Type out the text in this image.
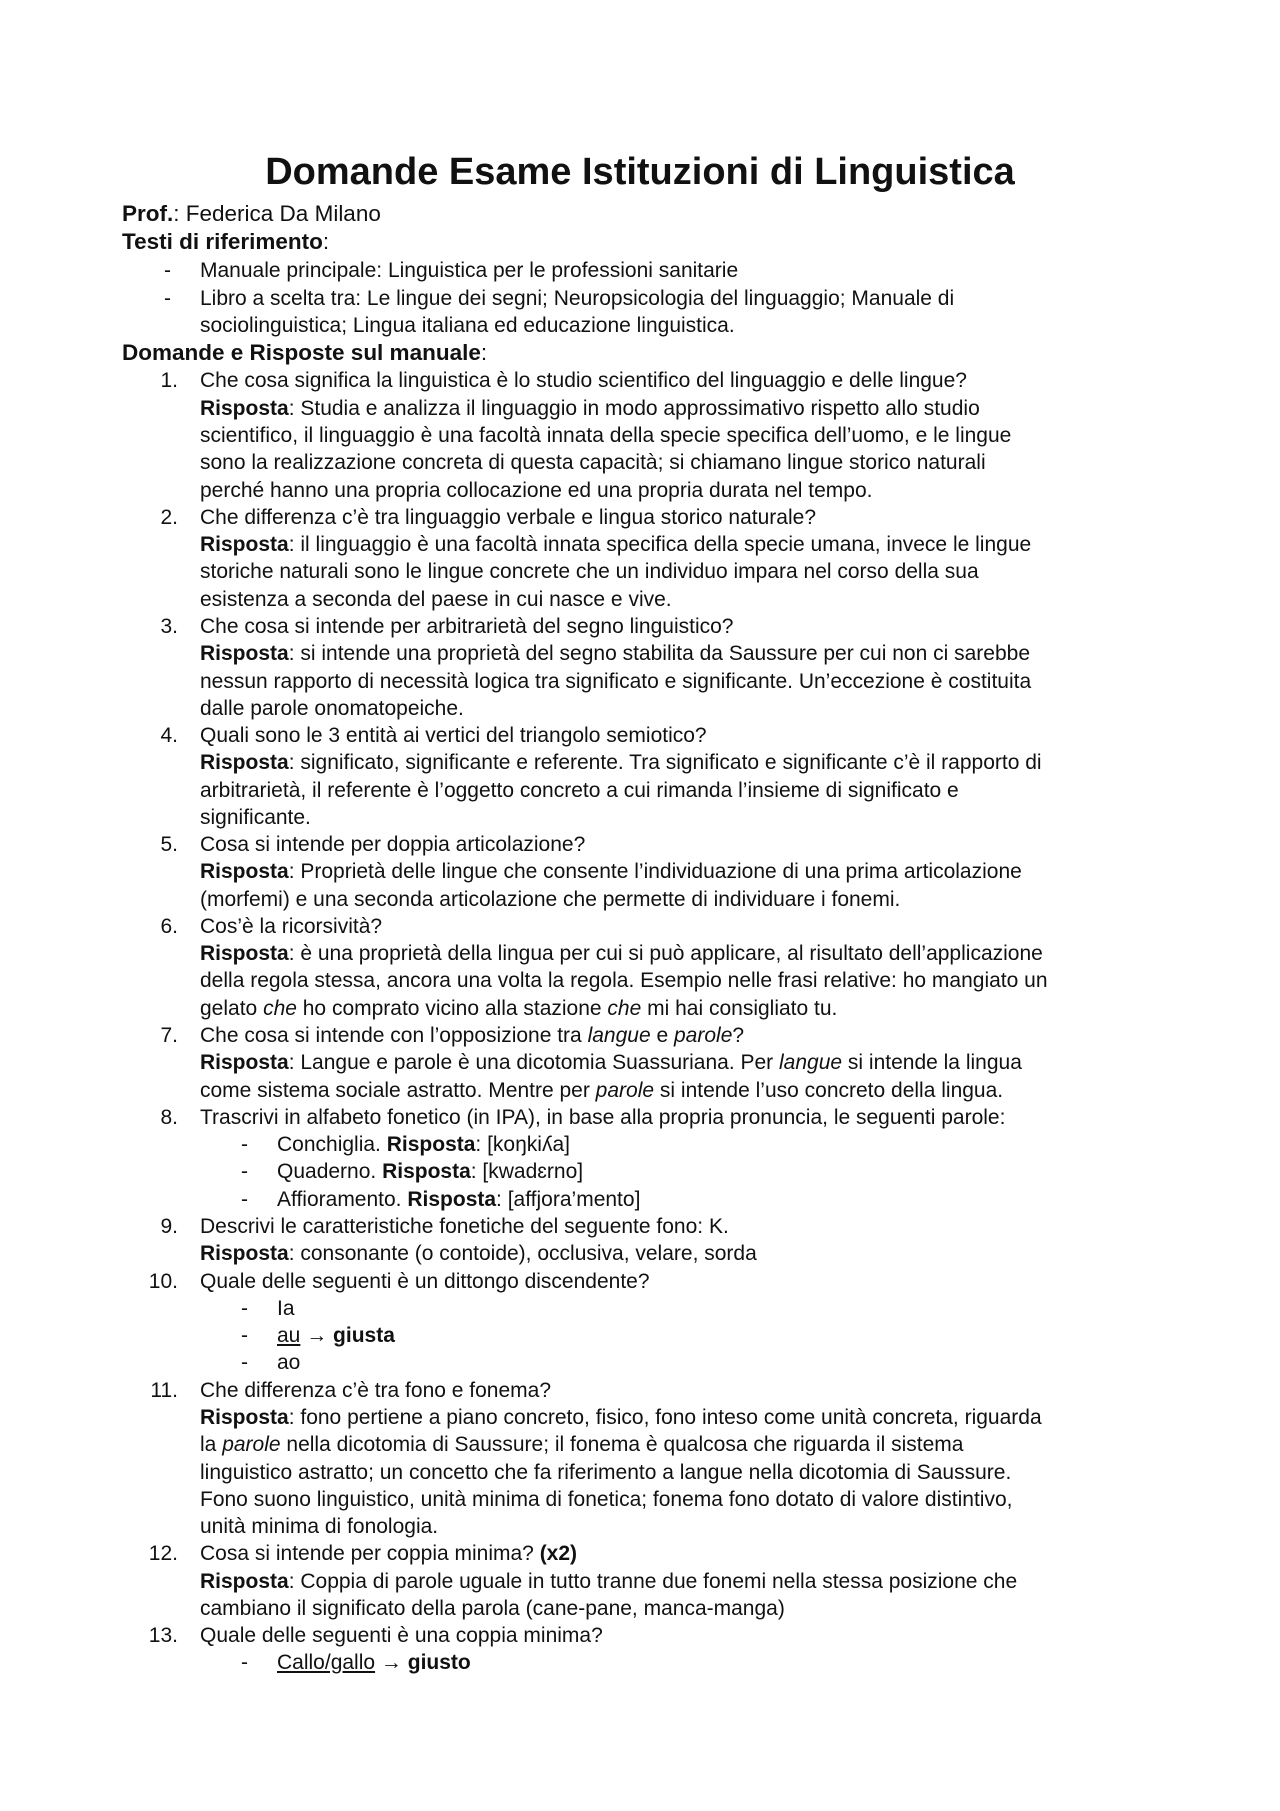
Domande Esame Istituzioni di Linguistica
Prof.: Federica Da Milano
Testi di riferimento:
- Manuale principale: Linguistica per le professioni sanitarie
- Libro a scelta tra: Le lingue dei segni; Neuropsicologia del linguaggio; Manuale di
sociolinguistica; Lingua italiana ed educazione linguistica.
Domande e Risposte sul manuale:
1. Che cosa significa la linguistica è lo studio scientifico del linguaggio e delle lingue?
Risposta: Studia e analizza il linguaggio in modo approssimativo rispetto allo studio
scientifico, il linguaggio è una facoltà innata della specie specifica dell’uomo, e le lingue
sono la realizzazione concreta di questa capacità; si chiamano lingue storico naturali
perché hanno una propria collocazione ed una propria durata nel tempo.
2. Che differenza c’è tra linguaggio verbale e lingua storico naturale?
Risposta: il linguaggio è una facoltà innata specifica della specie umana, invece le lingue
storiche naturali sono le lingue concrete che un individuo impara nel corso della sua
esistenza a seconda del paese in cui nasce e vive.
3. Che cosa si intende per arbitrarietà del segno linguistico?
Risposta: si intende una proprietà del segno stabilita da Saussure per cui non ci sarebbe
nessun rapporto di necessità logica tra significato e significante. Un’eccezione è costituita
dalle parole onomatopeiche.
4. Quali sono le 3 entità ai vertici del triangolo semiotico?
Risposta: significato, significante e referente. Tra significato e significante c’è il rapporto di
arbitrarietà, il referente è l’oggetto concreto a cui rimanda l’insieme di significato e
significante.
5. Cosa si intende per doppia articolazione?
Risposta: Proprietà delle lingue che consente l’individuazione di una prima articolazione
(morfemi) e una seconda articolazione che permette di individuare i fonemi.
6. Cos’è la ricorsività?
Risposta: è una proprietà della lingua per cui si può applicare, al risultato dell’applicazione
della regola stessa, ancora una volta la regola. Esempio nelle frasi relative: ho mangiato un
gelato che ho comprato vicino alla stazione che mi hai consigliato tu.
7. Che cosa si intende con l’opposizione tra langue e parole?
Risposta: Langue e parole è una dicotomia Suassuriana. Per langue si intende la lingua
come sistema sociale astratto. Mentre per parole si intende l’uso concreto della lingua.
8. Trascrivi in alfabeto fonetico (in IPA), in base alla propria pronuncia, le seguenti parole:
- Conchiglia. Risposta: [koŋkiʎa]
- Quaderno. Risposta: [kwadɛrno]
- Affioramento. Risposta: [affjora’mento]
9. Descrivi le caratteristiche fonetiche del seguente fono: K.
Risposta: consonante (o contoide), occlusiva, velare, sorda
10. Quale delle seguenti è un dittongo discendente?
- Ia
- au → giusta
- ao
11. Che differenza c’è tra fono e fonema?
Risposta: fono pertiene a piano concreto, fisico, fono inteso come unità concreta, riguarda
la parole nella dicotomia di Saussure; il fonema è qualcosa che riguarda il sistema
linguistico astratto; un concetto che fa riferimento a langue nella dicotomia di Saussure.
Fono suono linguistico, unità minima di fonetica; fonema fono dotato di valore distintivo,
unità minima di fonologia.
12. Cosa si intende per coppia minima? (x2)
Risposta: Coppia di parole uguale in tutto tranne due fonemi nella stessa posizione che
cambiano il significato della parola (cane-pane, manca-manga)
13. Quale delle seguenti è una coppia minima?
- Callo/gallo → giusto
